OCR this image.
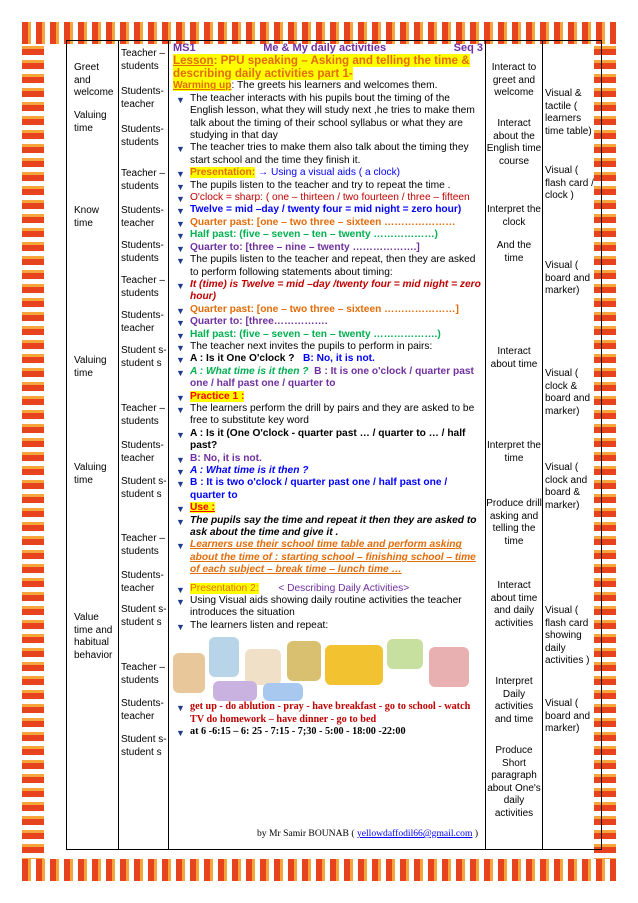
Greet and welcome
Valuing time
Know time
Valuing time
Valuing time
Value time and habitual behavior
Teacher – students
Students-teacher
Students-students
Teacher – students
Students-teacher
Students-students
Teacher – students
Students-teacher
Student s-student s
Teacher – students
Students-teacher
Student s-student s
Teacher – students
Students-teacher
Student s-student s
Teacher – students
Students-teacher
Student s-student s
Interact to greet and welcome
Interact about the English time course
Interpret the clock
And the time
Interact about time
Interpret the time
Produce drill asking and telling the time
Interact about time and daily activities
Interpret Daily activities and time
Produce Short paragraph about One's daily activities
Visual & tactile ( learners time table)
Visual ( flash card / clock )
Visual ( board and marker)
Visual ( clock & board and marker)
Visual ( clock and board & marker)
Visual ( flash card showing daily activities )
Visual ( board and marker)
MS1	Me & My daily activities	Seq 3
Lesson: PPU speaking – Asking and telling the time & describing daily activities part 1-
Warming up: The greets his learners and welcomes them.
▼ The teacher interacts with his pupils bout the timing of the English lesson, what they will study next ,he tries to make them talk about the timing of their school syllabus or what they are studying in that day
▼ The teacher tries to make them also talk about the timing they start school and the time they finish it.
▼ Presentation: → Using a visual aids ( a clock)
▼ The pupils listen to the teacher and try to repeat the time .
▼ O'clock = sharp: ( one – thirteen / two fourteen / three – fifteen
▼ Twelve = mid –day / twenty four = mid night = zero hour)
▼ Quarter past: [one – two three – sixteen …………………
▼ Half past: (five – seven – ten – twenty ………………)
▼ Quarter to: [three – nine – twenty ……………….]
▼ The pupils listen to the teacher and repeat, then they are asked to perform following statements about timing:
▼ It (time) is Twelve = mid –day /twenty four = mid night = zero hour)
▼ Quarter past: [one – two three – sixteen …………………]
▼ Quarter to: [three…………….
▼ Half past: (five – seven – ten – twenty ……………….)
▼ The teacher next invites the pupils to perform in pairs:
▼ A : Is it One O'clock ? B: No, it is not.
▼ A : What time is it then ? B : It is one o'clock / quarter past one / half past one / quarter to
▼ Practice 1 :
▼ The learners perform the drill by pairs and they are asked to be free to substitute key word
▼ A : Is it (One O'clock - quarter past … / quarter to … / half past?
▼ B: No, it is not.
▼ A : What time is it then ?
▼ B : It is two o'clock / quarter past one / half past one / quarter to
▼ Use :
▼ The pupils say the time and repeat it then they are asked to ask about the time and give it .
▼ Learners use their school time table and perform asking about the time of : starting school – finishing school – time of each subject – break time – lunch time …
▼ Presentation 2: < Describing Daily Activities>
▼ Using Visual aids showing daily routine activities the teacher introduces the situation
▼ The learners listen and repeat:
▼ get up - do ablution - pray - have breakfast - go to school - watch TV do homework – have dinner - go to bed
▼ at 6 -6:15 – 6: 25 - 7:15 - 7;30 - 5:00 - 18:00 -22:00
by Mr Samir BOUNAB ( yellowdaffodil66@gmail.com )
